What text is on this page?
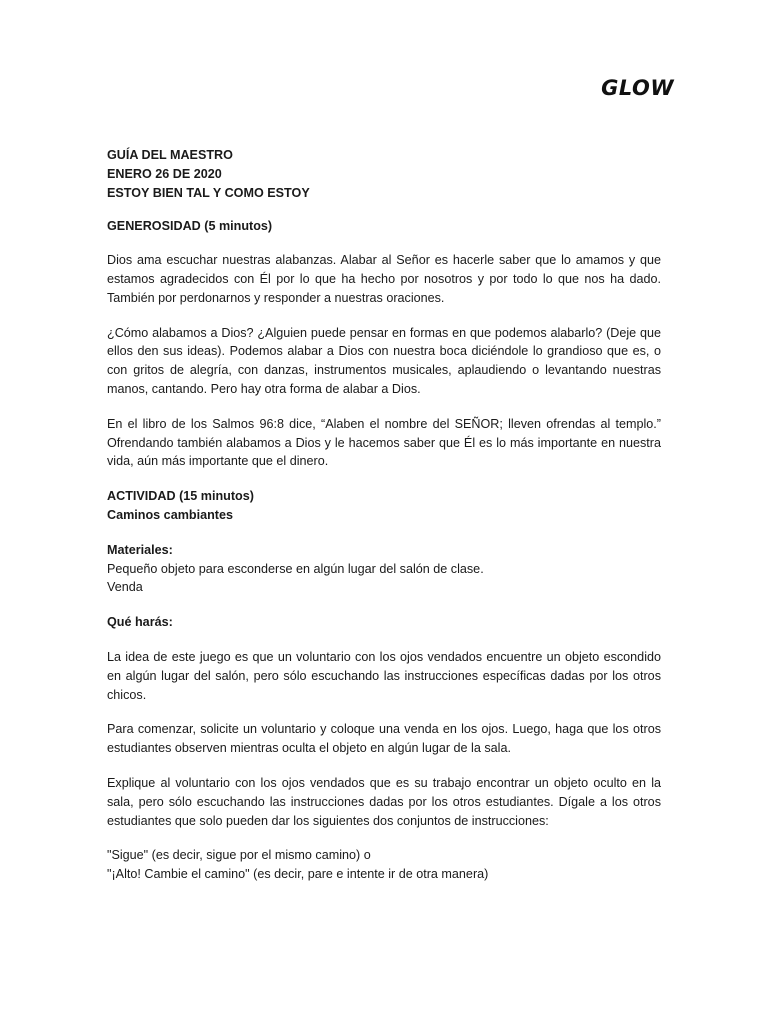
GLOW

GUÍA DEL MAESTRO

ENERO 26 DE 2020

ESTOY BIEN TAL Y COMO ESTOY

GENEROSIDAD (5 minutos)

Dios ama escuchar nuestras alabanzas. Alabar al Señor es hacerle saber que lo amamos y que estamos agradecidos con Él por lo que ha hecho por nosotros y por todo lo que nos ha dado. También por perdonarnos y responder a nuestras oraciones.

¿Cómo alabamos a Dios? ¿Alguien puede pensar en formas en que podemos alabarlo? (Deje que ellos den sus ideas). Podemos alabar a Dios con nuestra boca diciéndole lo grandioso que es, o con gritos de alegría, con danzas, instrumentos musicales, aplaudiendo o levantando nuestras manos, cantando. Pero hay otra forma de alabar a Dios.

En el libro de los Salmos 96:8 dice, “Alaben el nombre del SEÑOR; lleven ofrendas al templo.” Ofrendando también alabamos a Dios y le hacemos saber que Él es lo más importante en nuestra vida, aún más importante que el dinero.

ACTIVIDAD (15 minutos)

Caminos cambiantes

Materiales:

Pequeño objeto para esconderse en algún lugar del salón de clase.

Venda

Qué harás:

La idea de este juego es que un voluntario con los ojos vendados encuentre un objeto escondido en algún lugar del salón, pero sólo escuchando las instrucciones específicas dadas por los otros chicos.

Para comenzar, solicite un voluntario y coloque una venda en los ojos. Luego, haga que los otros estudiantes observen mientras oculta el objeto en algún lugar de la sala.

Explique al voluntario con los ojos vendados que es su trabajo encontrar un objeto oculto en la sala, pero sólo escuchando las instrucciones dadas por los otros estudiantes. Dígale a los otros estudiantes que solo pueden dar los siguientes dos conjuntos de instrucciones:

"Sigue" (es decir, sigue por el mismo camino) o

"¡Alto! Cambie el camino" (es decir, pare e intente ir de otra manera)
